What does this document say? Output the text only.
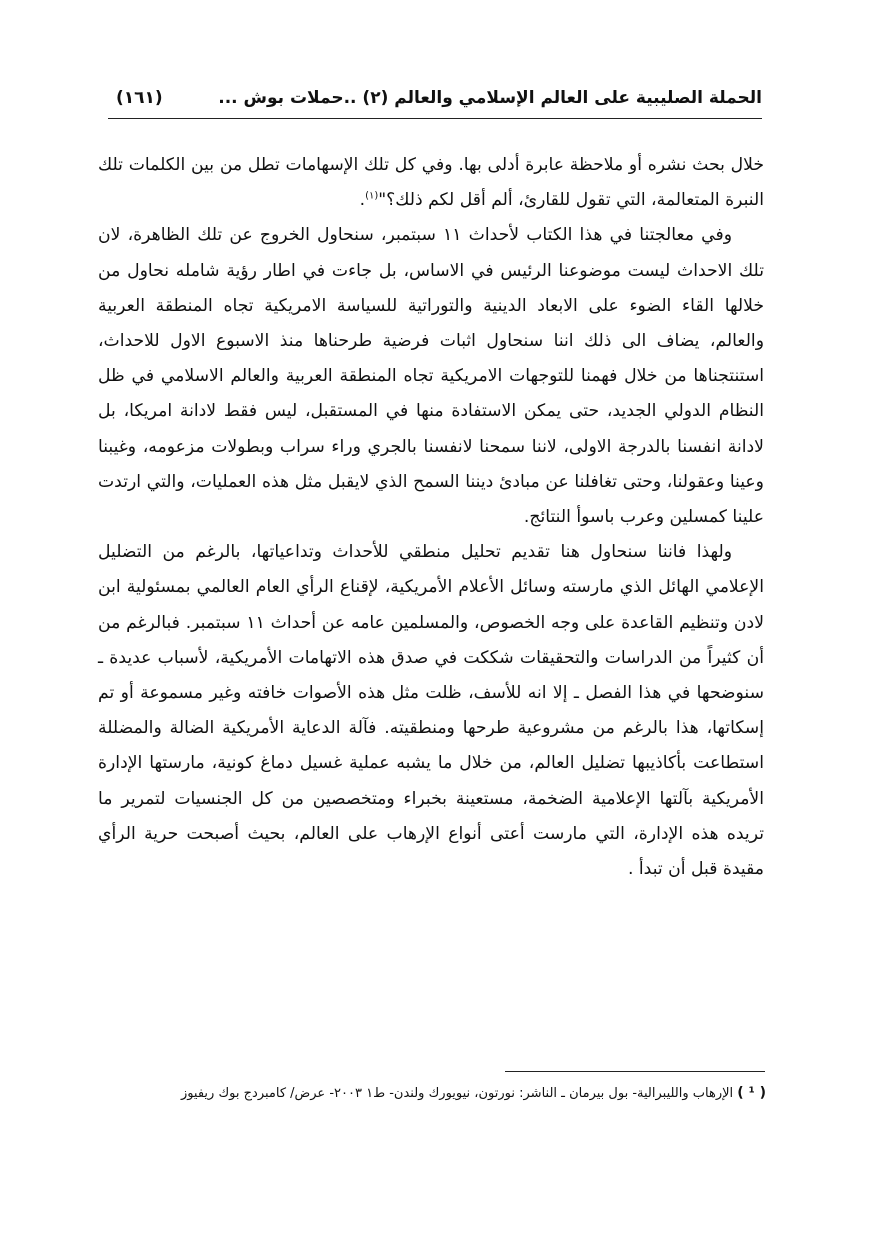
الحملة الصليبية على العالم الإسلامي والعالم (٢) ..حملات بوش ...
(١٦١)

خلال بحث نشره أو ملاحظة عابرة أدلى بها. وفي كل تلك الإسهامات تطل من بين الكلمات تلك النبرة المتعالمة، التي تقول للقارئ، ألم أقل لكم ذلك؟"$^{(١)}$.

وفي معالجتنا في هذا الكتاب لأحداث ١١ سبتمبر، سنحاول الخروج عن تلك الظاهرة، لان تلك الاحداث ليست موضوعنا الرئيس في الاساس، بل جاءت في اطار رؤية شامله نحاول من خلالها القاء الضوء على الابعاد الدينية والتوراتية للسياسة الامريكية تجاه المنطقة العربية والعالم، يضاف الى ذلك اننا سنحاول اثبات فرضية طرحناها منذ الاسبوع الاول للاحداث، استنتجناها من خلال فهمنا للتوجهات الامريكية تجاه المنطقة العربية والعالم الاسلامي في ظل النظام الدولي الجديد، حتى يمكن الاستفادة منها في المستقبل، ليس فقط لادانة امريكا، بل لادانة انفسنا بالدرجة الاولى، لاننا سمحنا لانفسنا بالجري وراء سراب وبطولات مزعومه، وغيبنا وعينا وعقولنا، وحتى تغافلنا عن مبادئ ديننا السمح الذي لايقبل مثل هذه العمليات، والتي ارتدت علينا كمسلين وعرب باسوأ النتائج.

ولهذا فاننا سنحاول هنا تقديم تحليل منطقي للأحداث وتداعياتها، بالرغم من التضليل الإعلامي الهائل الذي مارسته وسائل الأعلام الأمريكية، لإقناع الرأي العام العالمي بمسئولية ابن لادن وتنظيم القاعدة على وجه الخصوص، والمسلمين عامه عن أحداث ١١ سبتمبر. فبالرغم من أن كثيراً من الدراسات والتحقيقات شككت في صدق هذه الاتهامات الأمريكية، لأسباب عديدة ـ سنوضحها في هذا الفصل ـ إلا انه للأسف، ظلت مثل هذه الأصوات خافته وغير مسموعة أو تم إسكاتها، هذا بالرغم من مشروعية طرحها ومنطقيته. فآلة الدعاية الأمريكية الضالة والمضللة استطاعت بأكاذيبها تضليل العالم، من خلال ما يشبه عملية غسيل دماغ كونية، مارستها الإدارة الأمريكية بآلتها الإعلامية الضخمة، مستعينة بخبراء ومتخصصين من كل الجنسيات لتمرير ما تريده هذه الإدارة، التي مارست أعتى أنواع الإرهاب على العالم، بحيث أصبحت حرية الرأي مقيدة قبل أن تبدأ .

( ¹ ) الإرهاب والليبرالية- بول بيرمان ـ الناشر: نورتون، نيويورك ولندن- ط١ ٢٠٠٣- عرض/ كامبردج بوك ريفيوز
